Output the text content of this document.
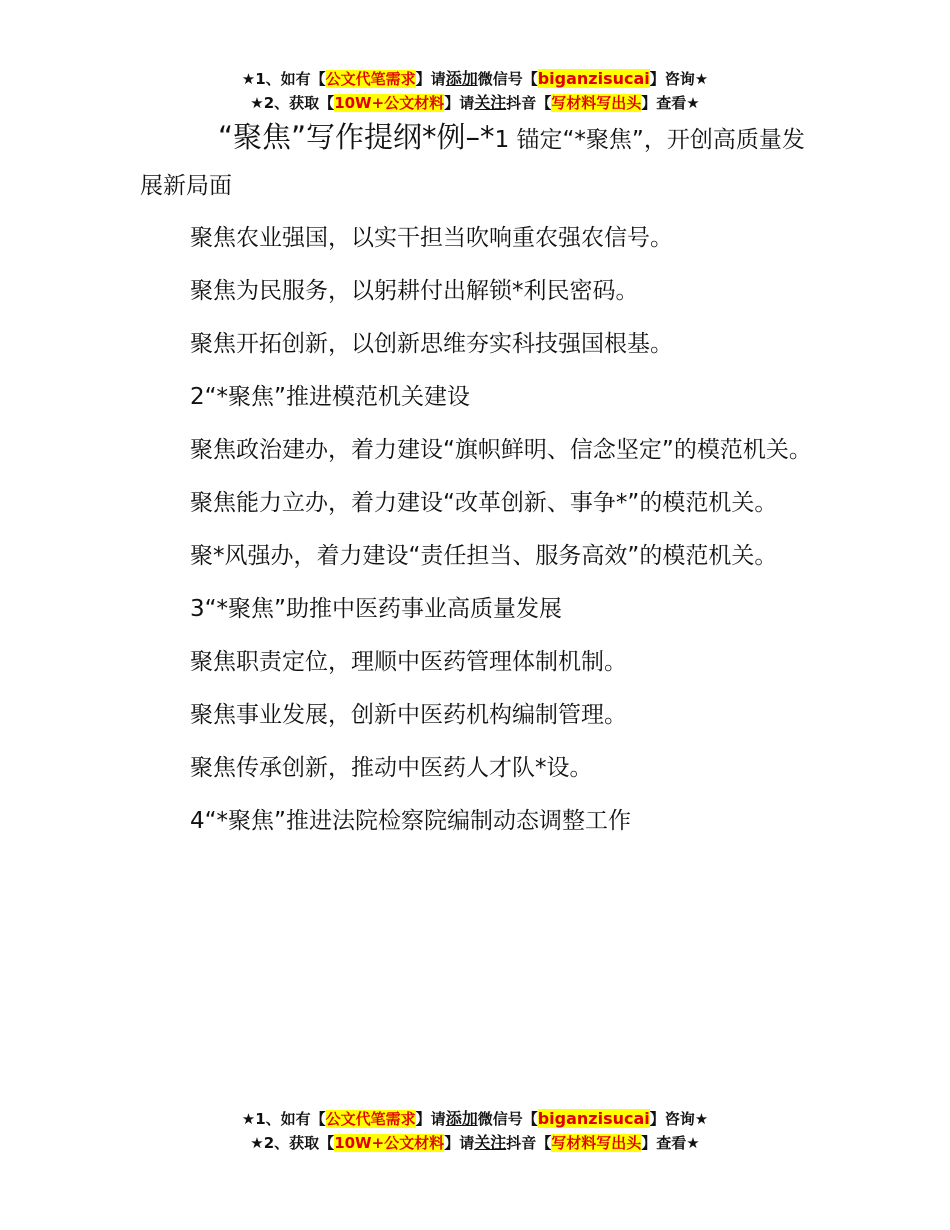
★1、如有【公文代笔需求】请添加微信号【biganzisucai】咨询★
★2、获取【10W+公文材料】请关注抖音【写材料写出头】查看★
“聚焦”写作提纲*例–*1 锚定“*聚焦”，开创高质量发展新局面

聚焦农业强国，以实干担当吹响重农强农信号。

聚焦为民服务，以躬耕付出解锁*利民密码。

聚焦开拓创新，以创新思维夯实科技强国根基。

2“*聚焦”推进模范机关建设

聚焦政治建办，着力建设“旗帜鲜明、信念坚定”的模范机关。

聚焦能力立办，着力建设“改革创新、事争*”的模范机关。

聚*风强办，着力建设“责任担当、服务高效”的模范机关。

3“*聚焦”助推中医药事业高质量发展

聚焦职责定位，理顺中医药管理体制机制。

聚焦事业发展，创新中医药机构编制管理。

聚焦传承创新，推动中医药人才队*设。

4“*聚焦”推进法院检察院编制动态调整工作

★1、如有【公文代笔需求】请添加微信号【biganzisucai】咨询★
★2、获取【10W+公文材料】请关注抖音【写材料写出头】查看★
